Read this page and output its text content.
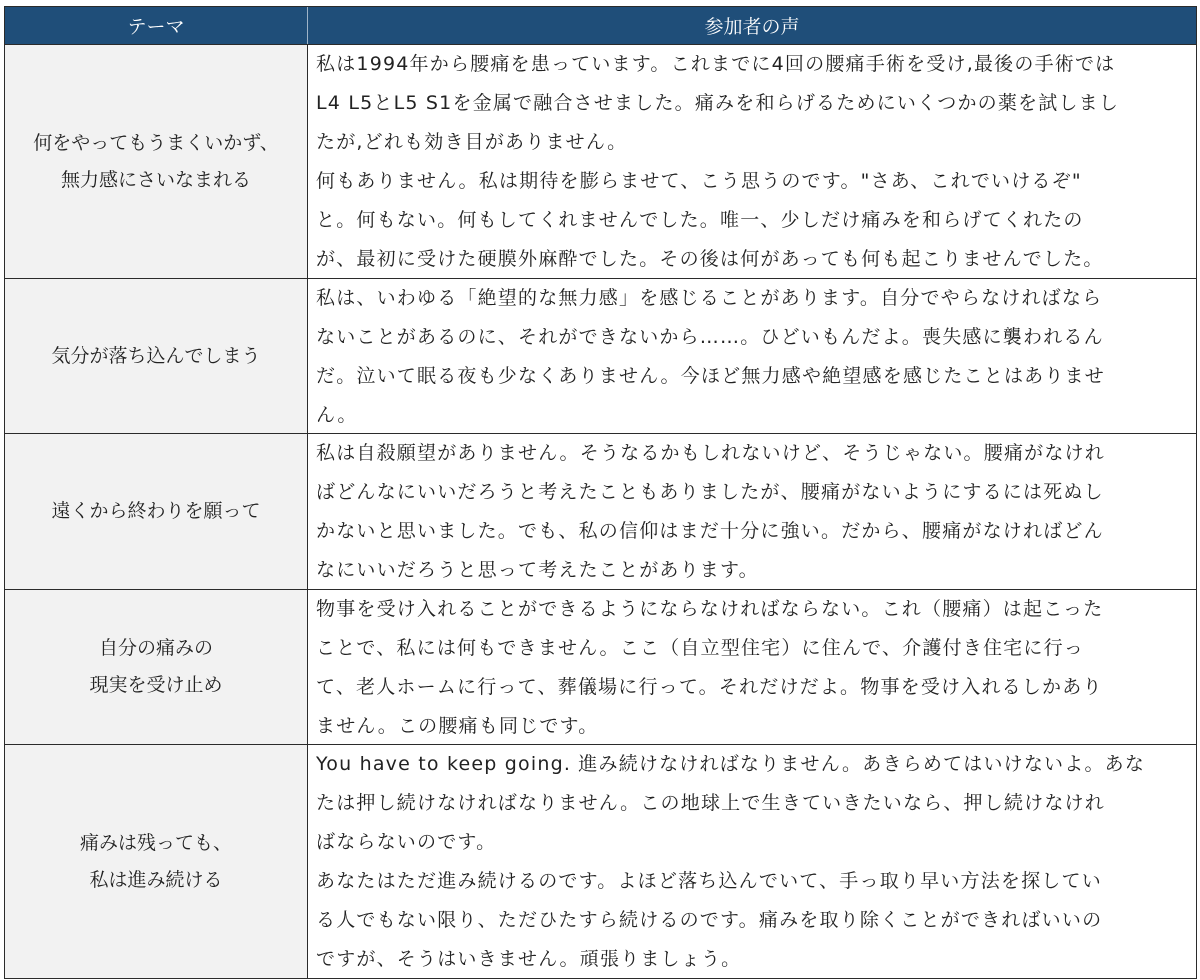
テーマ	参加者の声
何をやってもうまくいかず、
無力感にさいなまれる
私は1994年から腰痛を患っています。これまでに4回の腰痛手術を受け,最後の手術では
L4 L5とL5 S1を金属で融合させました。痛みを和らげるためにいくつかの薬を試しまし
たが,どれも効き目がありません。
何もありません。私は期待を膨らませて、こう思うのです。"さあ、これでいけるぞ"
と。何もない。何もしてくれませんでした。唯一、少しだけ痛みを和らげてくれたの
が、最初に受けた硬膜外麻酔でした。その後は何があっても何も起こりませんでした。
気分が落ち込んでしまう
私は、いわゆる「絶望的な無力感」を感じることがあります。自分でやらなければなら
ないことがあるのに、それができないから……。ひどいもんだよ。喪失感に襲われるん
だ。泣いて眠る夜も少なくありません。今ほど無力感や絶望感を感じたことはありませ
ん。
遠くから終わりを願って
私は自殺願望がありません。そうなるかもしれないけど、そうじゃない。腰痛がなけれ
ばどんなにいいだろうと考えたこともありましたが、腰痛がないようにするには死ぬし
かないと思いました。でも、私の信仰はまだ十分に強い。だから、腰痛がなければどん
なにいいだろうと思って考えたことがあります。
自分の痛みの
現実を受け止め
物事を受け入れることができるようにならなければならない。これ（腰痛）は起こった
ことで、私には何もできません。ここ（自立型住宅）に住んで、介護付き住宅に行っ
て、老人ホームに行って、葬儀場に行って。それだけだよ。物事を受け入れるしかあり
ません。この腰痛も同じです。
痛みは残っても、
私は進み続ける
You have to keep going. 進み続けなければなりません。あきらめてはいけないよ。あな
たは押し続けなければなりません。この地球上で生きていきたいなら、押し続けなけれ
ばならないのです。
あなたはただ進み続けるのです。よほど落ち込んでいて、手っ取り早い方法を探してい
る人でもない限り、ただひたすら続けるのです。痛みを取り除くことができればいいの
ですが、そうはいきません。頑張りましょう。
